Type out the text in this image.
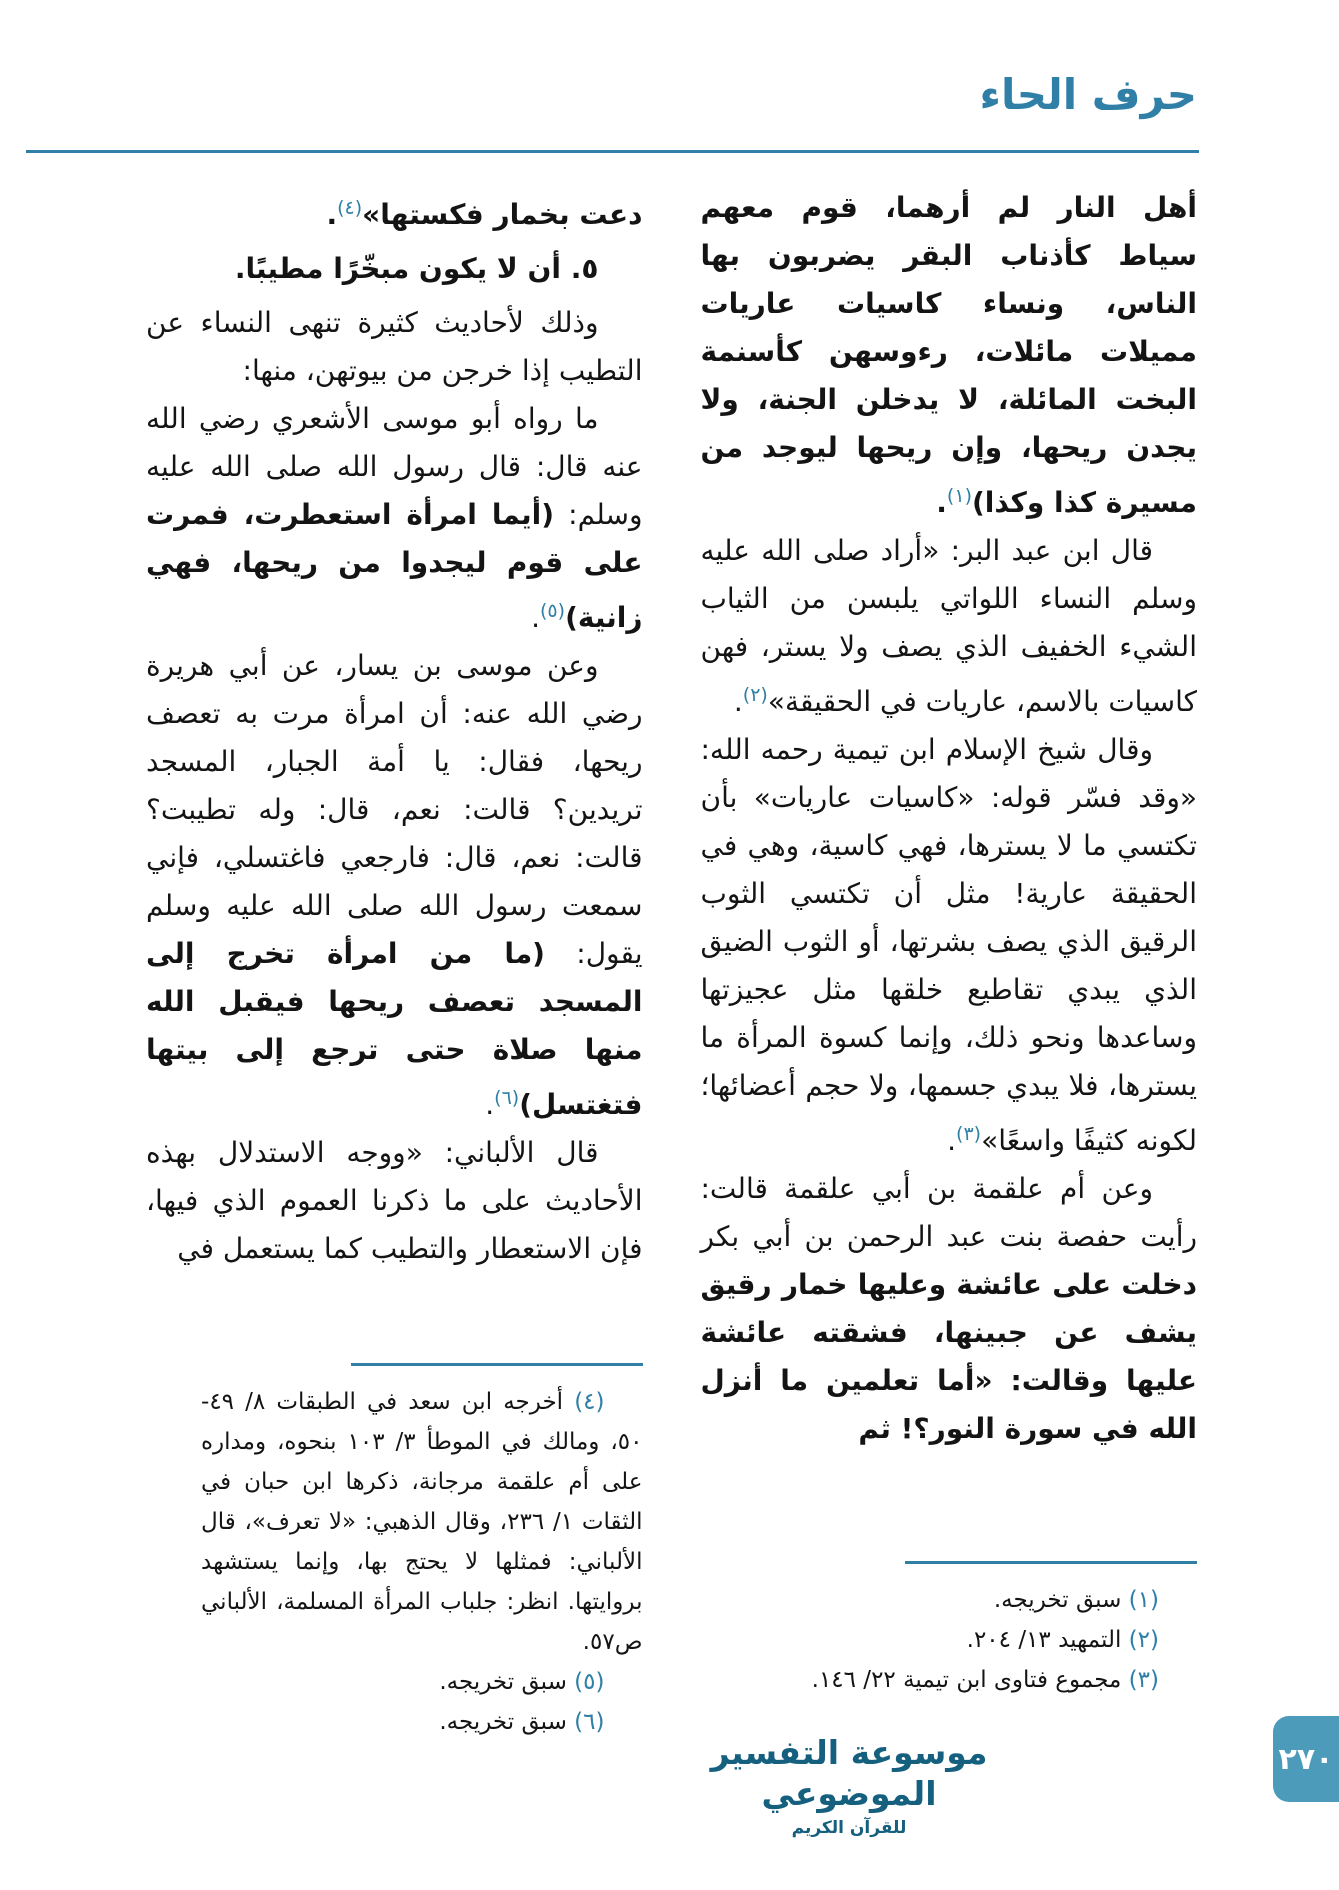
حرف الحاء

أهل النار لم أرهما، قوم معهم سياط كأذناب البقر يضربون بها الناس، ونساء كاسيات عاريات مميلات مائلات، رءوسهن كأسنمة البخت المائلة، لا يدخلن الجنة، ولا يجدن ريحها، وإن ريحها ليوجد من مسيرة كذا وكذا)$^{(١)}$.

قال ابن عبد البر: «أراد صلى الله عليه وسلم النساء اللواتي يلبسن من الثياب الشيء الخفيف الذي يصف ولا يستر، فهن كاسيات بالاسم، عاريات في الحقيقة»$^{(٢)}$.

وقال شيخ الإسلام ابن تيمية رحمه الله: «وقد فسّر قوله: «كاسيات عاريات» بأن تكتسي ما لا يسترها، فهي كاسية، وهي في الحقيقة عارية! مثل أن تكتسي الثوب الرقيق الذي يصف بشرتها، أو الثوب الضيق الذي يبدي تقاطيع خلقها مثل عجيزتها وساعدها ونحو ذلك، وإنما كسوة المرأة ما يسترها، فلا يبدي جسمها، ولا حجم أعضائها؛ لكونه كثيفًا واسعًا»$^{(٣)}$.

وعن أم علقمة بن أبي علقمة قالت: رأيت حفصة بنت عبد الرحمن بن أبي بكر دخلت على عائشة وعليها خمار رقيق يشف عن جبينها، فشقته عائشة عليها وقالت: «أما تعلمين ما أنزل الله في سورة النور؟! ثم

(١) سبق تخريجه.

(٢) التمهيد ١٣/ ٢٠٤.

(٣) مجموع فتاوى ابن تيمية ٢٢/ ١٤٦.

دعت بخمار فكستها»$^{(٤)}$.

٥. أن لا يكون مبخّرًا مطيبًا.

وذلك لأحاديث كثيرة تنهى النساء عن التطيب إذا خرجن من بيوتهن، منها:

ما رواه أبو موسى الأشعري رضي الله عنه قال: قال رسول الله صلى الله عليه وسلم: (أيما امرأة استعطرت، فمرت على قوم ليجدوا من ريحها، فهي زانية)$^{(٥)}$.

وعن موسى بن يسار، عن أبي هريرة رضي الله عنه: أن امرأة مرت به تعصف ريحها، فقال: يا أمة الجبار، المسجد تريدين؟ قالت: نعم، قال: وله تطيبت؟ قالت: نعم، قال: فارجعي فاغتسلي، فإني سمعت رسول الله صلى الله عليه وسلم يقول: (ما من امرأة تخرج إلى المسجد تعصف ريحها فيقبل الله منها صلاة حتى ترجع إلى بيتها فتغتسل)$^{(٦)}$.

قال الألباني: «ووجه الاستدلال بهذه الأحاديث على ما ذكرنا العموم الذي فيها، فإن الاستعطار والتطيب كما يستعمل في

(٤) أخرجه ابن سعد في الطبقات ٨/ ٤٩- ٥٠، ومالك في الموطأ ٣/ ١٠٣ بنحوه، ومداره على أم علقمة مرجانة، ذكرها ابن حبان في الثقات ١/ ٢٣٦، وقال الذهبي: «لا تعرف»، قال الألباني: فمثلها لا يحتج بها، وإنما يستشهد بروايتها. انظر: جلباب المرأة المسلمة، الألباني ص٥٧.

(٥) سبق تخريجه.

(٦) سبق تخريجه.

موسوعة التفسير الموضوعي
للقرآن الكريم
٢٧٠
